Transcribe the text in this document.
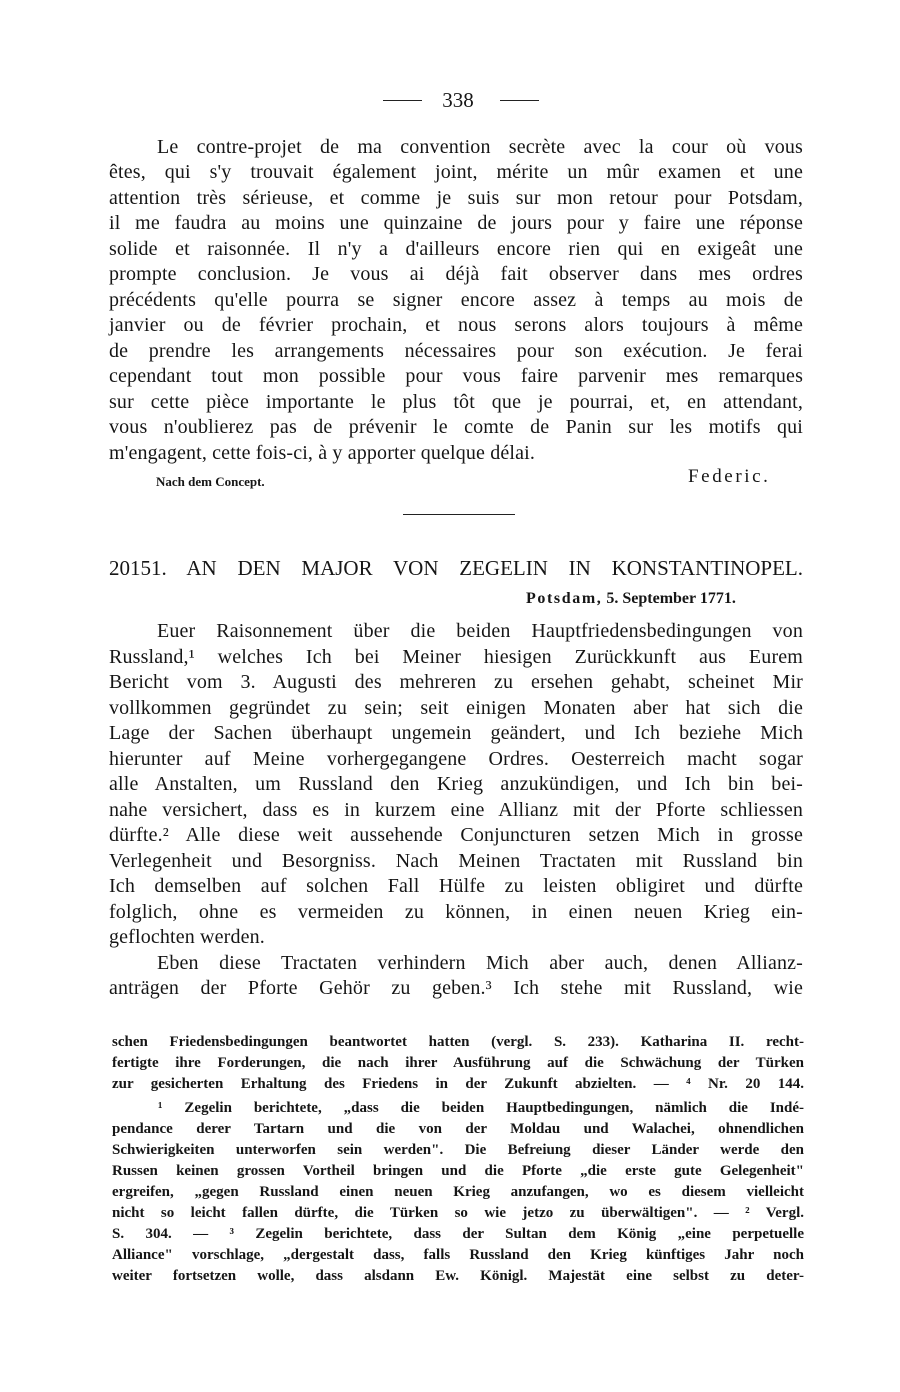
338
Le contre-projet de ma convention secrète avec la cour où vous
êtes, qui s'y trouvait également joint, mérite un mûr examen et une
attention très sérieuse, et comme je suis sur mon retour pour Potsdam,
il me faudra au moins une quinzaine de jours pour y faire une réponse
solide et raisonnée. Il n'y a d'ailleurs encore rien qui en exigeât une
prompte conclusion. Je vous ai déjà fait observer dans mes ordres
précédents qu'elle pourra se signer encore assez à temps au mois de
janvier ou de février prochain, et nous serons alors toujours à même
de prendre les arrangements nécessaires pour son exécution. Je ferai
cependant tout mon possible pour vous faire parvenir mes remarques
sur cette pièce importante le plus tôt que je pourrai, et, en attendant,
vous n'oublierez pas de prévenir le comte de Panin sur les motifs qui
m'engagent, cette fois-ci, à y apporter quelque délai.
Nach dem Concept.	Federic.
20151. AN DEN MAJOR VON ZEGELIN IN KONSTANTINOPEL.
Potsdam, 5. September 1771.
Euer Raisonnement über die beiden Hauptfriedensbedingungen von
Russland,¹ welches Ich bei Meiner hiesigen Zurückkunft aus Eurem
Bericht vom 3. Augusti des mehreren zu ersehen gehabt, scheinet Mir
vollkommen gegründet zu sein; seit einigen Monaten aber hat sich die
Lage der Sachen überhaupt ungemein geändert, und Ich beziehe Mich
hierunter auf Meine vorhergegangene Ordres. Oesterreich macht sogar
alle Anstalten, um Russland den Krieg anzukündigen, und Ich bin bei-
nahe versichert, dass es in kurzem eine Allianz mit der Pforte schliessen
dürfte.² Alle diese weit aussehende Conjuncturen setzen Mich in grosse
Verlegenheit und Besorgniss. Nach Meinen Tractaten mit Russland bin
Ich demselben auf solchen Fall Hülfe zu leisten obligiret und dürfte
folglich, ohne es vermeiden zu können, in einen neuen Krieg ein-
geflochten werden.
Eben diese Tractaten verhindern Mich aber auch, denen Allianz-
anträgen der Pforte Gehör zu geben.³ Ich stehe mit Russland, wie
schen Friedensbedingungen beantwortet hatten (vergl. S. 233). Katharina II. recht-
fertigte ihre Forderungen, die nach ihrer Ausführung auf die Schwächung der Türken
zur gesicherten Erhaltung des Friedens in der Zukunft abzielten. — ⁴ Nr. 20 144.
¹ Zegelin berichtete, „dass die beiden Hauptbedingungen, nämlich die Indé-
pendance derer Tartarn und die von der Moldau und Walachei, ohnendlichen
Schwierigkeiten unterworfen sein werden". Die Befreiung dieser Länder werde den
Russen keinen grossen Vortheil bringen und die Pforte „die erste gute Gelegenheit"
ergreifen, „gegen Russland einen neuen Krieg anzufangen, wo es diesem vielleicht
nicht so leicht fallen dürfte, die Türken so wie jetzo zu überwältigen". — ² Vergl.
S. 304. — ³ Zegelin berichtete, dass der Sultan dem König „eine perpetuelle
Alliance" vorschlage, „dergestalt dass, falls Russland den Krieg künftiges Jahr noch
weiter fortsetzen wolle, dass alsdann Ew. Königl. Majestät eine selbst zu deter-
